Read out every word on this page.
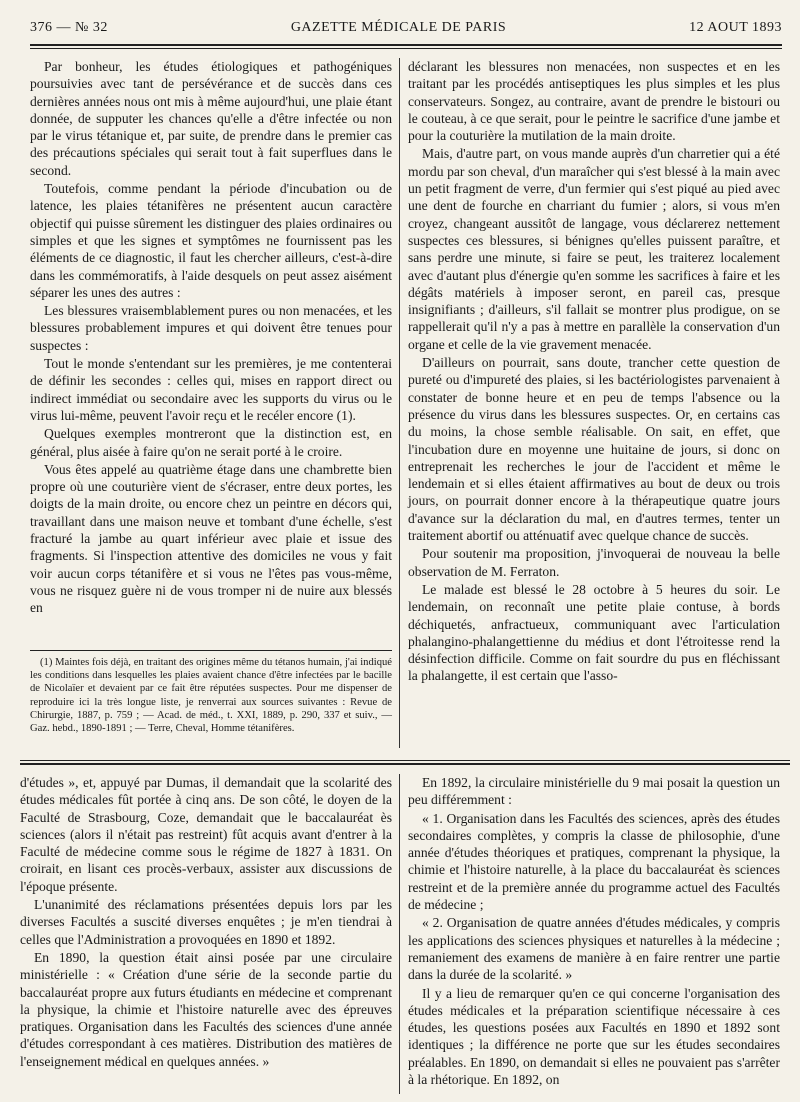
376 — № 32	GAZETTE MÉDICALE DE PARIS	12 AOUT 1893

Par bonheur, les études étiologiques et pathogéniques poursuivies avec tant de persévérance et de succès dans ces dernières années nous ont mis à même aujourd'hui, une plaie étant donnée, de supputer les chances qu'elle a d'être infectée ou non par le virus tétanique et, par suite, de prendre dans le premier cas des précautions spéciales qui serait tout à fait superflues dans le second.

Toutefois, comme pendant la période d'incubation ou de latence, les plaies tétanifères ne présentent aucun caractère objectif qui puisse sûrement les distinguer des plaies ordinaires ou simples et que les signes et symptômes ne fournissent pas les éléments de ce diagnostic, il faut les chercher ailleurs, c'est-à-dire dans les commémoratifs, à l'aide desquels on peut assez aisément séparer les unes des autres :

Les blessures vraisemblablement pures ou non menacées, et les blessures probablement impures et qui doivent être tenues pour suspectes :

Tout le monde s'entendant sur les premières, je me contenterai de définir les secondes : celles qui, mises en rapport direct ou indirect immédiat ou secondaire avec les supports du virus ou le virus lui-même, peuvent l'avoir reçu et le recéler encore (1).

Quelques exemples montreront que la distinction est, en général, plus aisée à faire qu'on ne serait porté à le croire.

Vous êtes appelé au quatrième étage dans une chambrette bien propre où une couturière vient de s'écraser, entre deux portes, les doigts de la main droite, ou encore chez un peintre en décors qui, travaillant dans une maison neuve et tombant d'une échelle, s'est fracturé la jambe au quart inférieur avec plaie et issue des fragments. Si l'inspection attentive des domiciles ne vous y fait voir aucun corps tétanifère et si vous ne l'êtes pas vous-même, vous ne risquez guère ni de vous tromper ni de nuire aux blessés en

(1) Maintes fois déjà, en traitant des origines même du tétanos humain, j'ai indiqué les conditions dans lesquelles les plaies avaient chance d'être infectées par le bacille de Nicolaïer et devaient par ce fait être réputées suspectes. Pour me dispenser de reproduire ici la très longue liste, je renverrai aux sources suivantes : Revue de Chirurgie, 1887, p. 759 ; — Acad. de méd., t. XXI, 1889, p. 290, 337 et suiv., — Gaz. hebd., 1890-1891 ; — Terre, Cheval, Homme tétanifères.

déclarant les blessures non menacées, non suspectes et en les traitant par les procédés antiseptiques les plus simples et les plus conservateurs. Songez, au contraire, avant de prendre le bistouri ou le couteau, à ce que serait, pour le peintre le sacrifice d'une jambe et pour la couturière la mutilation de la main droite.

Mais, d'autre part, on vous mande auprès d'un charretier qui a été mordu par son cheval, d'un maraîcher qui s'est blessé à la main avec un petit fragment de verre, d'un fermier qui s'est piqué au pied avec une dent de fourche en charriant du fumier ; alors, si vous m'en croyez, changeant aussitôt de langage, vous déclarerez nettement suspectes ces blessures, si bénignes qu'elles puissent paraître, et sans perdre une minute, si faire se peut, les traiterez localement avec d'autant plus d'énergie qu'en somme les sacrifices à faire et les dégâts matériels à imposer seront, en pareil cas, presque insignifiants ; d'ailleurs, s'il fallait se montrer plus prodigue, on se rappellerait qu'il n'y a pas à mettre en parallèle la conservation d'un organe et celle de la vie gravement menacée.

D'ailleurs on pourrait, sans doute, trancher cette question de pureté ou d'impureté des plaies, si les bactériologistes parvenaient à constater de bonne heure et en peu de temps l'absence ou la présence du virus dans les blessures suspectes. Or, en certains cas du moins, la chose semble réalisable. On sait, en effet, que l'incubation dure en moyenne une huitaine de jours, si donc on entreprenait les recherches le jour de l'accident et même le lendemain et si elles étaient affirmatives au bout de deux ou trois jours, on pourrait donner encore à la thérapeutique quatre jours d'avance sur la déclaration du mal, en d'autres termes, tenter un traitement abortif ou atténuatif avec quelque chance de succès.

Pour soutenir ma proposition, j'invoquerai de nouveau la belle observation de M. Ferraton.

Le malade est blessé le 28 octobre à 5 heures du soir. Le lendemain, on reconnaît une petite plaie contuse, à bords déchiquetés, anfractueux, communiquant avec l'articulation phalangino-phalangettienne du médius et dont l'étroitesse rend la désinfection difficile. Comme on fait sourdre du pus en fléchissant la phalangette, il est certain que l'asso-

d'études », et, appuyé par Dumas, il demandait que la scolarité des études médicales fût portée à cinq ans. De son côté, le doyen de la Faculté de Strasbourg, Coze, demandait que le baccalauréat ès sciences (alors il n'était pas restreint) fût acquis avant d'entrer à la Faculté de médecine comme sous le régime de 1827 à 1831. On croirait, en lisant ces procès-verbaux, assister aux discussions de l'époque présente.

L'unanimité des réclamations présentées depuis lors par les diverses Facultés a suscité diverses enquêtes ; je m'en tiendrai à celles que l'Administration a provoquées en 1890 et 1892.

En 1890, la question était ainsi posée par une circulaire ministérielle : « Création d'une série de la seconde partie du baccalauréat propre aux futurs étudiants en médecine et comprenant la physique, la chimie et l'histoire naturelle avec des épreuves pratiques. Organisation dans les Facultés des sciences d'une année d'études correspondant à ces matières. Distribution des matières de l'enseignement médical en quelques années. »

En 1892, la circulaire ministérielle du 9 mai posait la question un peu différemment :

« 1. Organisation dans les Facultés des sciences, après des études secondaires complètes, y compris la classe de philosophie, d'une année d'études théoriques et pratiques, comprenant la physique, la chimie et l'histoire naturelle, à la place du baccalauréat ès sciences restreint et de la première année du programme actuel des Facultés de médecine ;

« 2. Organisation de quatre années d'études médicales, y compris les applications des sciences physiques et naturelles à la médecine ; remaniement des examens de manière à en faire rentrer une partie dans la durée de la scolarité. »

Il y a lieu de remarquer qu'en ce qui concerne l'organisation des études médicales et la préparation scientifique nécessaire à ces études, les questions posées aux Facultés en 1890 et 1892 sont identiques ; la différence ne porte que sur les études secondaires préalables. En 1890, on demandait si elles ne pouvaient pas s'arrêter à la rhétorique. En 1892, on
